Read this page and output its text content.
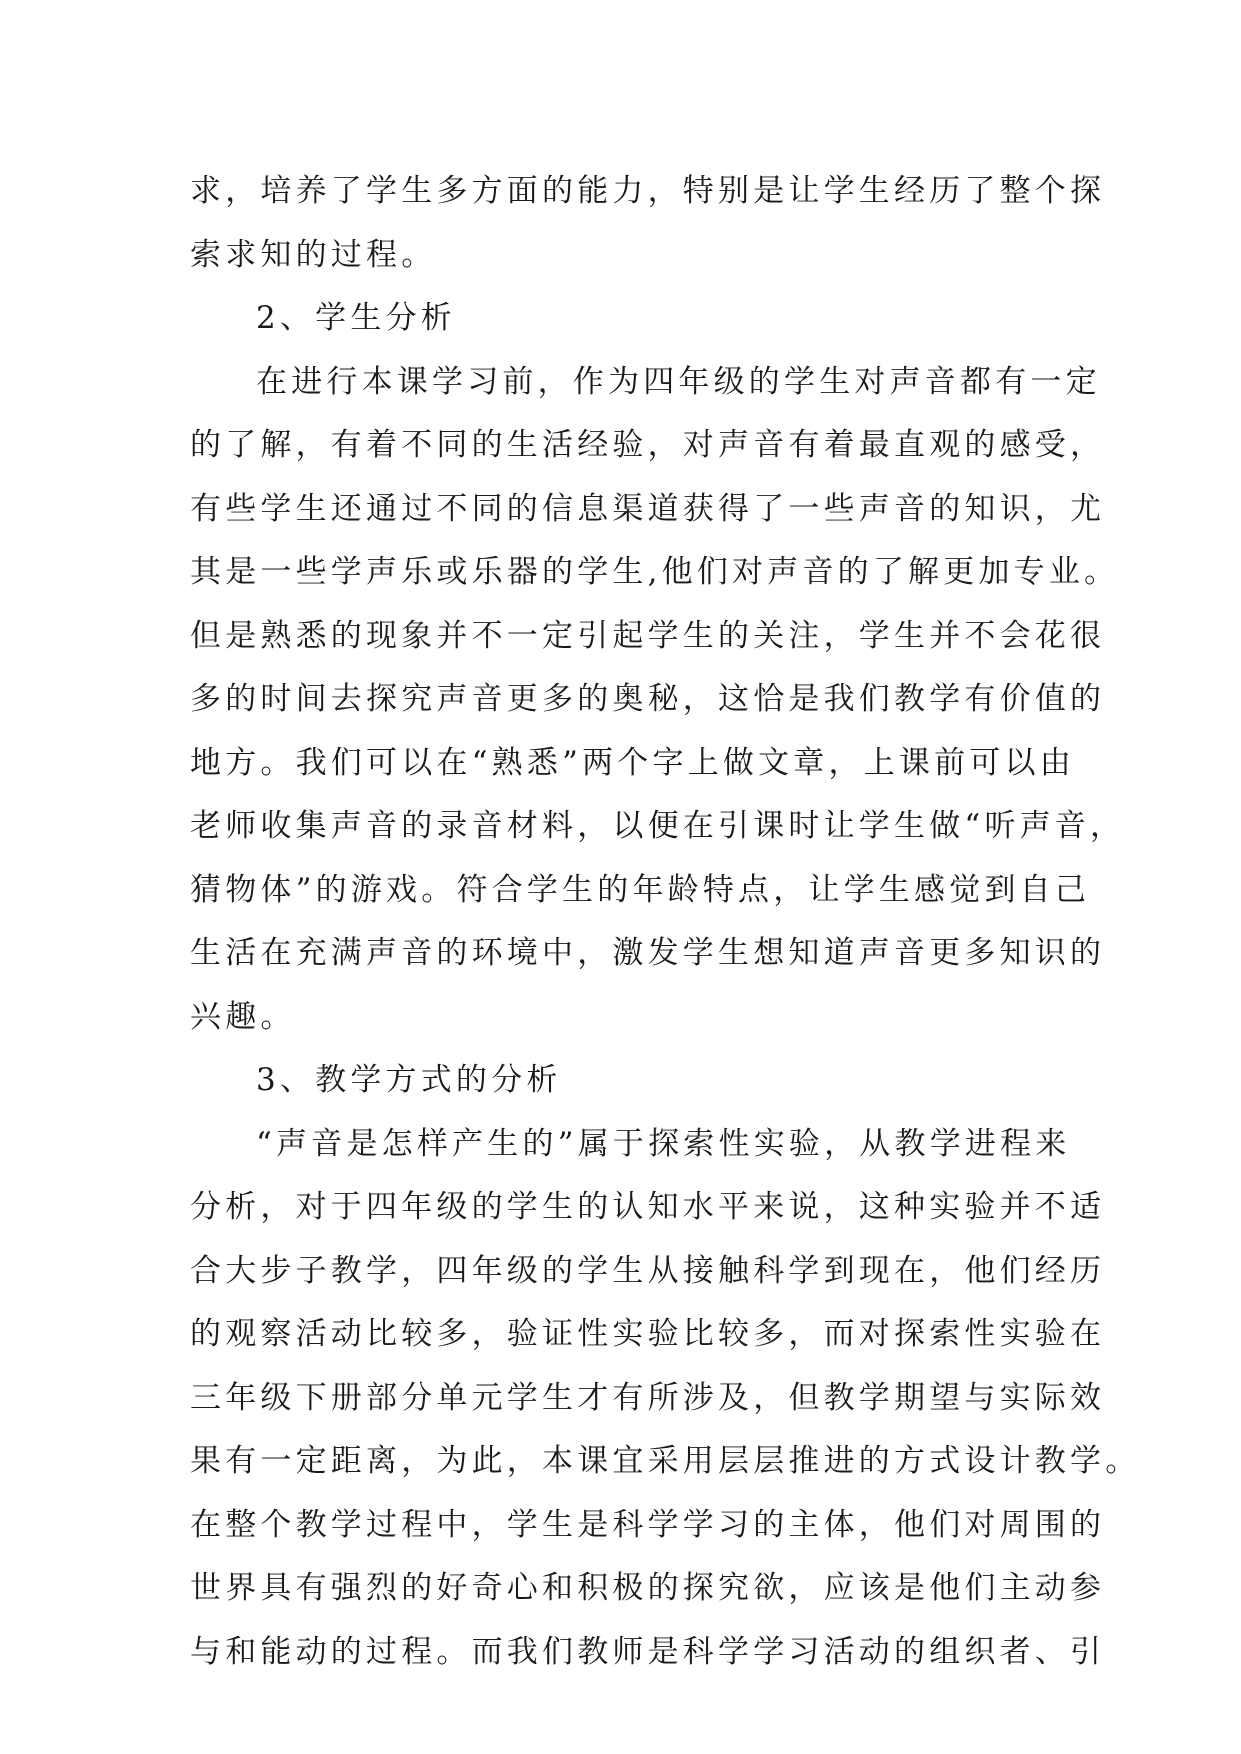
求，培养了学生多方面的能力，特别是让学生经历了整个探
索求知的过程。
2、学生分析
在进行本课学习前，作为四年级的学生对声音都有一定
的了解，有着不同的生活经验，对声音有着最直观的感受，
有些学生还通过不同的信息渠道获得了一些声音的知识，尤
其是一些学声乐或乐器的学生,他们对声音的了解更加专业。
但是熟悉的现象并不一定引起学生的关注，学生并不会花很
多的时间去探究声音更多的奥秘，这恰是我们教学有价值的
地方。我们可以在“熟悉”两个字上做文章，上课前可以由
老师收集声音的录音材料，以便在引课时让学生做“听声音，
猜物体”的游戏。符合学生的年龄特点，让学生感觉到自己
生活在充满声音的环境中，激发学生想知道声音更多知识的
兴趣。
3、教学方式的分析
“声音是怎样产生的”属于探索性实验，从教学进程来
分析，对于四年级的学生的认知水平来说，这种实验并不适
合大步子教学，四年级的学生从接触科学到现在，他们经历
的观察活动比较多，验证性实验比较多，而对探索性实验在
三年级下册部分单元学生才有所涉及，但教学期望与实际效
果有一定距离，为此，本课宜采用层层推进的方式设计教学。
在整个教学过程中，学生是科学学习的主体，他们对周围的
世界具有强烈的好奇心和积极的探究欲，应该是他们主动参
与和能动的过程。而我们教师是科学学习活动的组织者、引
